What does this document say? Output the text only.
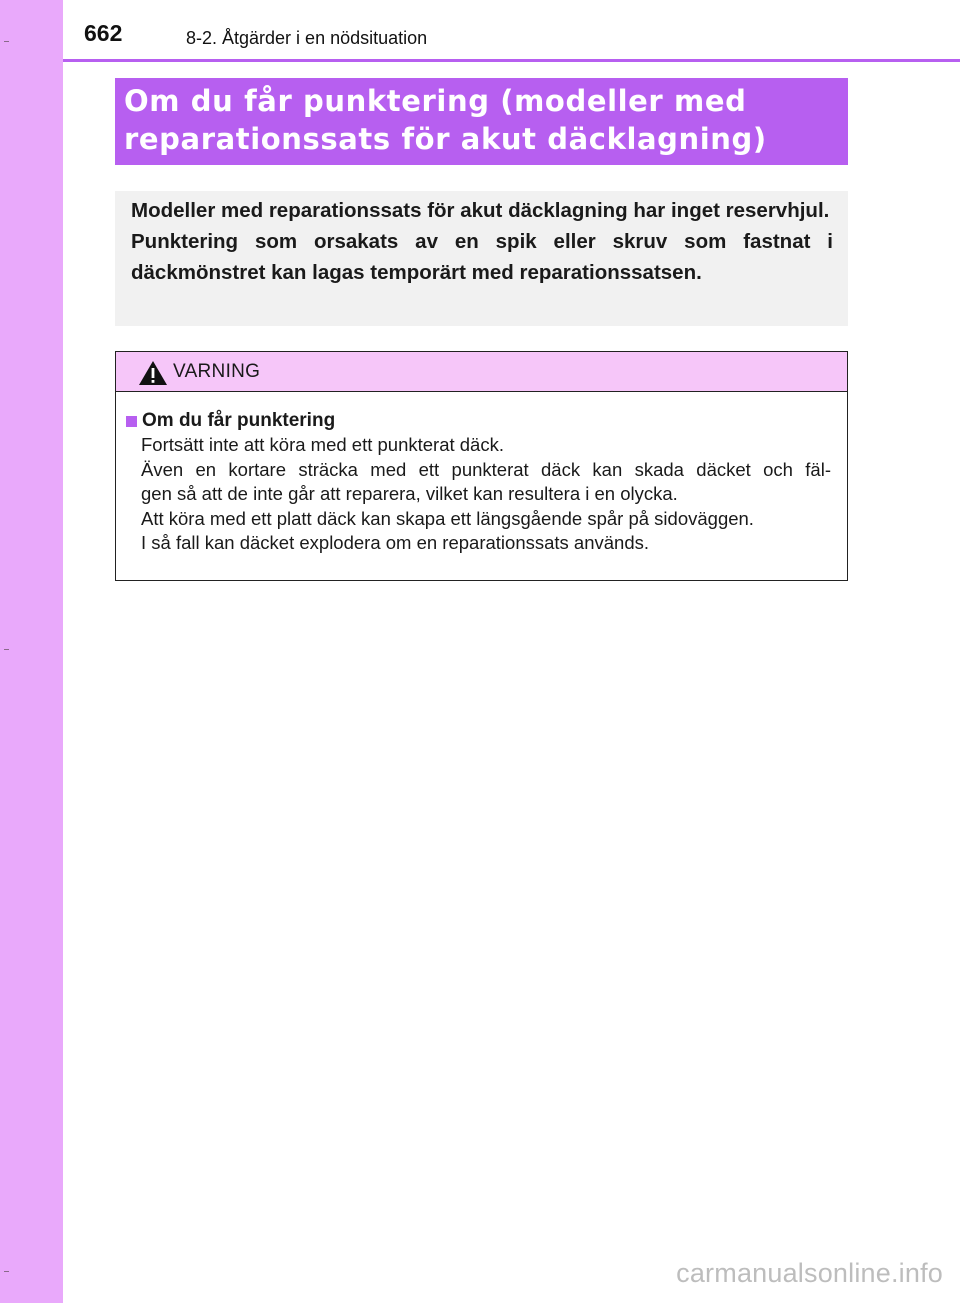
662	8-2. Åtgärder i en nödsituation
Om du får punktering (modeller med
reparationssats för akut däcklagning)

Modeller med reparationssats för akut däcklagning har inget reservhjul.

Punktering som orsakats av en spik eller skruv som fastnat i däckmönstret kan lagas temporärt med reparationssatsen.

VARNING
Om du får punktering
Fortsätt inte att köra med ett punkterat däck.
Även en kortare sträcka med ett punkterat däck kan skada däcket och fäl-
gen så att de inte går att reparera, vilket kan resultera i en olycka.
Att köra med ett platt däck kan skapa ett längsgående spår på sidoväggen.
I så fall kan däcket explodera om en reparationssats används.
carmanualsonline.info
